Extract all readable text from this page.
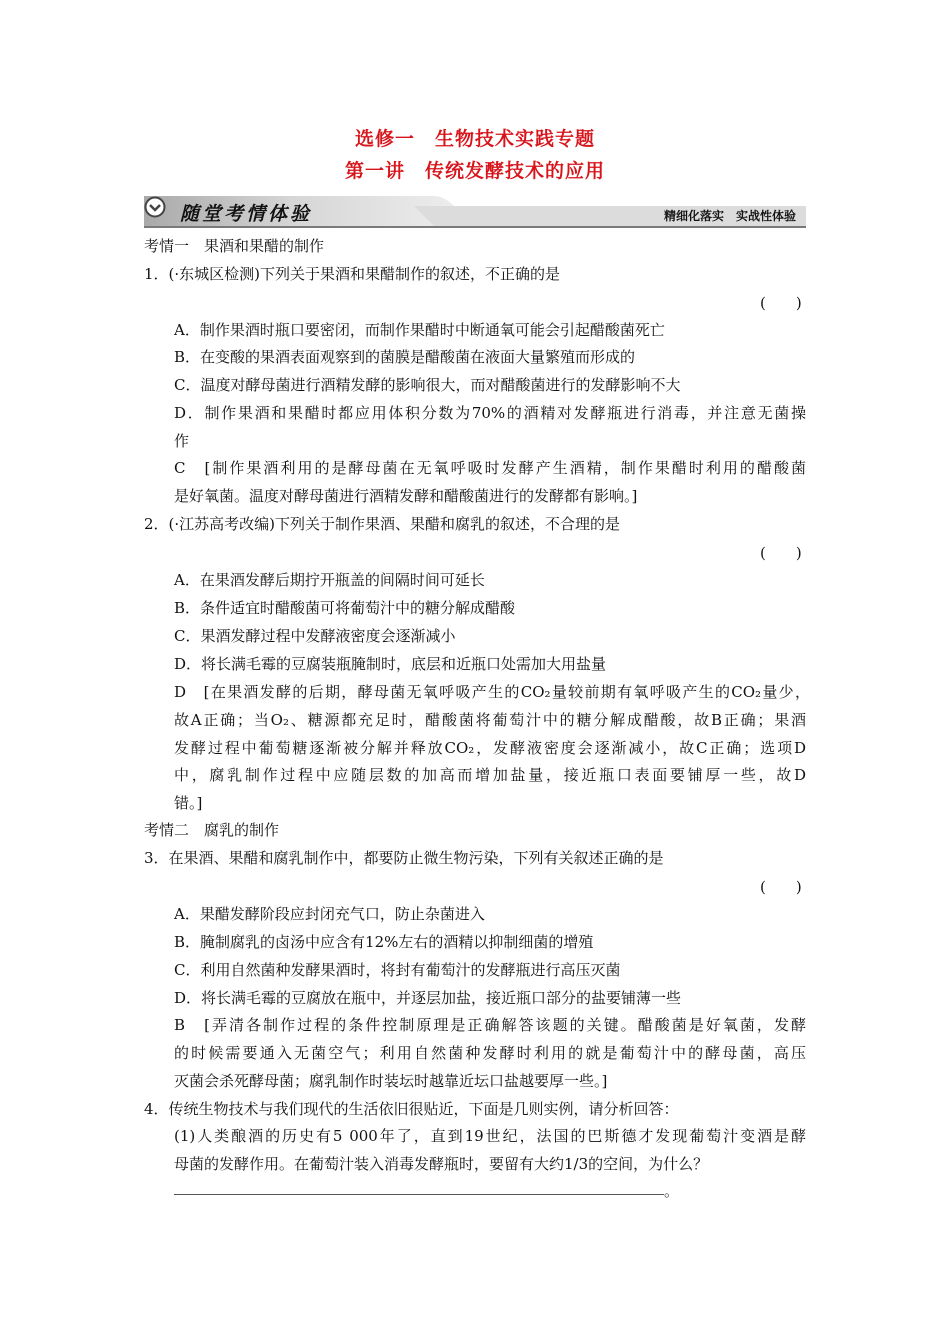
选修一　生物技术实践专题
第一讲　传统发酵技术的应用
随堂考情体验	精细化落实　实战性体验
考情一　果酒和果醋的制作
1．(·东城区检测)下列关于果酒和果醋制作的叙述，不正确的是
(　　)
A．制作果酒时瓶口要密闭，而制作果醋时中断通氧可能会引起醋酸菌死亡
B．在变酸的果酒表面观察到的菌膜是醋酸菌在液面大量繁殖而形成的
C．温度对酵母菌进行酒精发酵的影响很大，而对醋酸菌进行的发酵影响不大
D．制作果酒和果醋时都应用体积分数为70%的酒精对发酵瓶进行消毒，并注意无菌操
作
C　[制作果酒利用的是酵母菌在无氧呼吸时发酵产生酒精，制作果醋时利用的醋酸菌
是好氧菌。温度对酵母菌进行酒精发酵和醋酸菌进行的发酵都有影响。]
2．(·江苏高考改编)下列关于制作果酒、果醋和腐乳的叙述，不合理的是
(　　)
A．在果酒发酵后期拧开瓶盖的间隔时间可延长
B．条件适宜时醋酸菌可将葡萄汁中的糖分解成醋酸
C．果酒发酵过程中发酵液密度会逐渐减小
D．将长满毛霉的豆腐装瓶腌制时，底层和近瓶口处需加大用盐量
D　[在果酒发酵的后期，酵母菌无氧呼吸产生的CO₂量较前期有氧呼吸产生的CO₂量少，
故A正确；当O₂、糖源都充足时，醋酸菌将葡萄汁中的糖分解成醋酸，故B正确；果酒
发酵过程中葡萄糖逐渐被分解并释放CO₂，发酵液密度会逐渐减小，故C正确；选项D
中，腐乳制作过程中应随层数的加高而增加盐量，接近瓶口表面要铺厚一些，故D
错。]
考情二　腐乳的制作
3．在果酒、果醋和腐乳制作中，都要防止微生物污染，下列有关叙述正确的是
(　　)
A．果醋发酵阶段应封闭充气口，防止杂菌进入
B．腌制腐乳的卤汤中应含有12%左右的酒精以抑制细菌的增殖
C．利用自然菌种发酵果酒时，将封有葡萄汁的发酵瓶进行高压灭菌
D．将长满毛霉的豆腐放在瓶中，并逐层加盐，接近瓶口部分的盐要铺薄一些
B　[弄清各制作过程的条件控制原理是正确解答该题的关键。醋酸菌是好氧菌，发酵
的时候需要通入无菌空气；利用自然菌种发酵时利用的就是葡萄汁中的酵母菌，高压
灭菌会杀死酵母菌；腐乳制作时装坛时越靠近坛口盐越要厚一些。]
4．传统生物技术与我们现代的生活依旧很贴近，下面是几则实例，请分析回答：
(1)人类酿酒的历史有5 000年了，直到19世纪，法国的巴斯德才发现葡萄汁变酒是酵
母菌的发酵作用。在葡萄汁装入消毒发酵瓶时，要留有大约1/3的空间，为什么？
。
